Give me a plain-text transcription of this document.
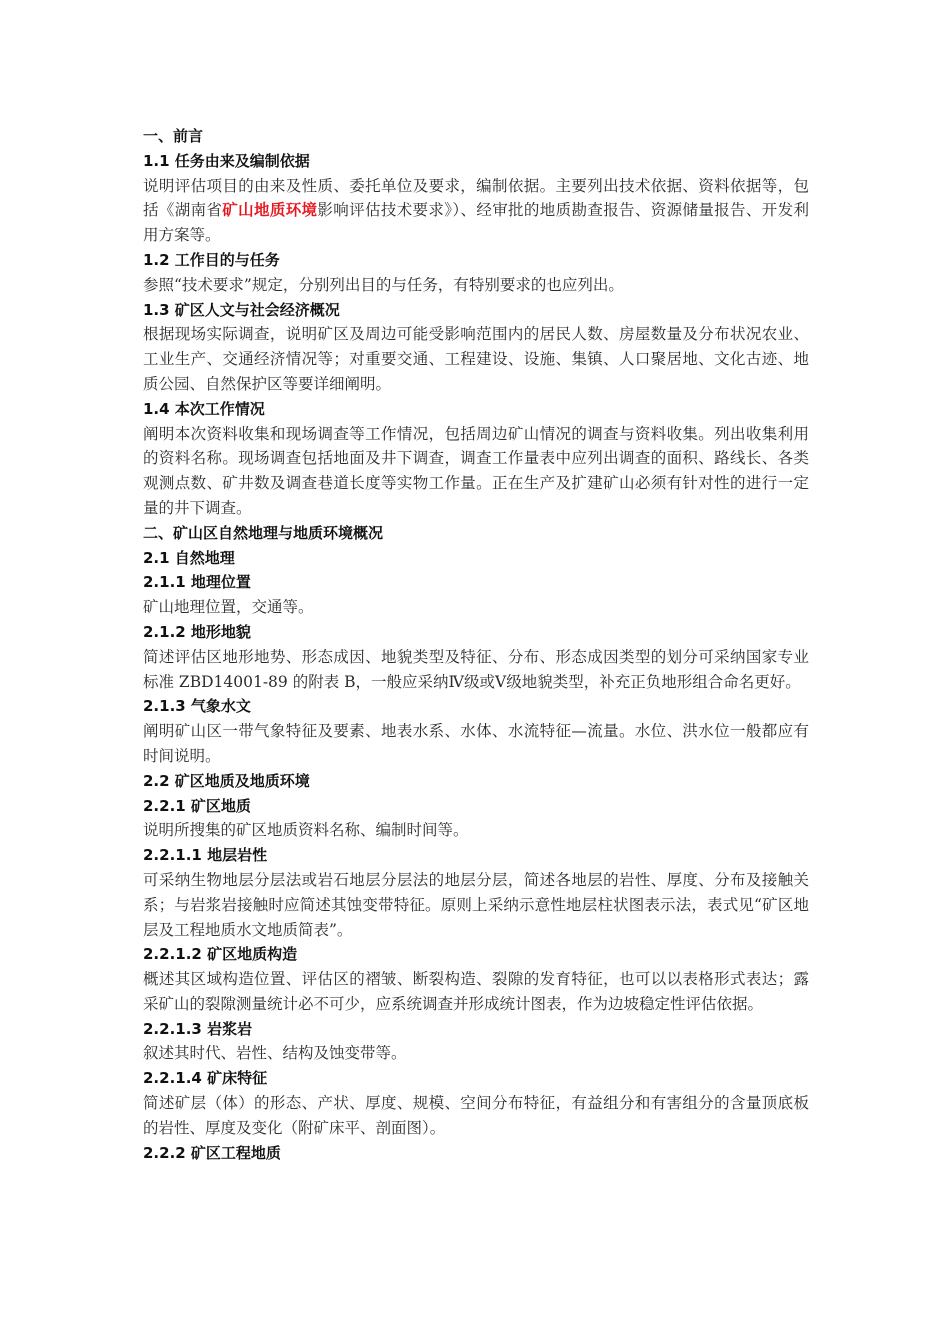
一、前言

1.1 任务由来及编制依据

说明评估项目的由来及性质、委托单位及要求，编制依据。主要列出技术依据、资料依据等，包括《湖南省矿山地质环境影响评估技术要求》）、经审批的地质勘查报告、资源储量报告、开发利用方案等。

1.2 工作目的与任务

参照“技术要求”规定，分别列出目的与任务，有特别要求的也应列出。

1.3 矿区人文与社会经济概况

根据现场实际调查，说明矿区及周边可能受影响范围内的居民人数、房屋数量及分布状况农业、工业生产、交通经济情况等；对重要交通、工程建设、设施、集镇、人口聚居地、文化古迹、地质公园、自然保护区等要详细阐明。

1.4 本次工作情况

阐明本次资料收集和现场调查等工作情况，包括周边矿山情况的调查与资料收集。列出收集利用的资料名称。现场调查包括地面及井下调查，调查工作量表中应列出调查的面积、路线长、各类观测点数、矿井数及调查巷道长度等实物工作量。正在生产及扩建矿山必须有针对性的进行一定量的井下调查。

二、矿山区自然地理与地质环境概况

2.1 自然地理

2.1.1 地理位置

矿山地理位置，交通等。

2.1.2 地形地貌

简述评估区地形地势、形态成因、地貌类型及特征、分布、形态成因类型的划分可采纳国家专业标准 ZBD14001-89 的附表 B，一般应采纳Ⅳ级或Ⅴ级地貌类型，补充正负地形组合命名更好。

2.1.3 气象水文

阐明矿山区一带气象特征及要素、地表水系、水体、水流特征—流量。水位、洪水位一般都应有时间说明。

2.2 矿区地质及地质环境

2.2.1 矿区地质

说明所搜集的矿区地质资料名称、编制时间等。

2.2.1.1 地层岩性

可采纳生物地层分层法或岩石地层分层法的地层分层，简述各地层的岩性、厚度、分布及接触关系；与岩浆岩接触时应简述其蚀变带特征。原则上采纳示意性地层柱状图表示法，表式见“矿区地层及工程地质水文地质简表”。

2.2.1.2 矿区地质构造

概述其区域构造位置、评估区的褶皱、断裂构造、裂隙的发育特征，也可以以表格形式表达；露采矿山的裂隙测量统计必不可少，应系统调查并形成统计图表，作为边坡稳定性评估依据。

2.2.1.3 岩浆岩

叙述其时代、岩性、结构及蚀变带等。

2.2.1.4 矿床特征

简述矿层（体）的形态、产状、厚度、规模、空间分布特征，有益组分和有害组分的含量顶底板的岩性、厚度及变化（附矿床平、剖面图）。

2.2.2 矿区工程地质
